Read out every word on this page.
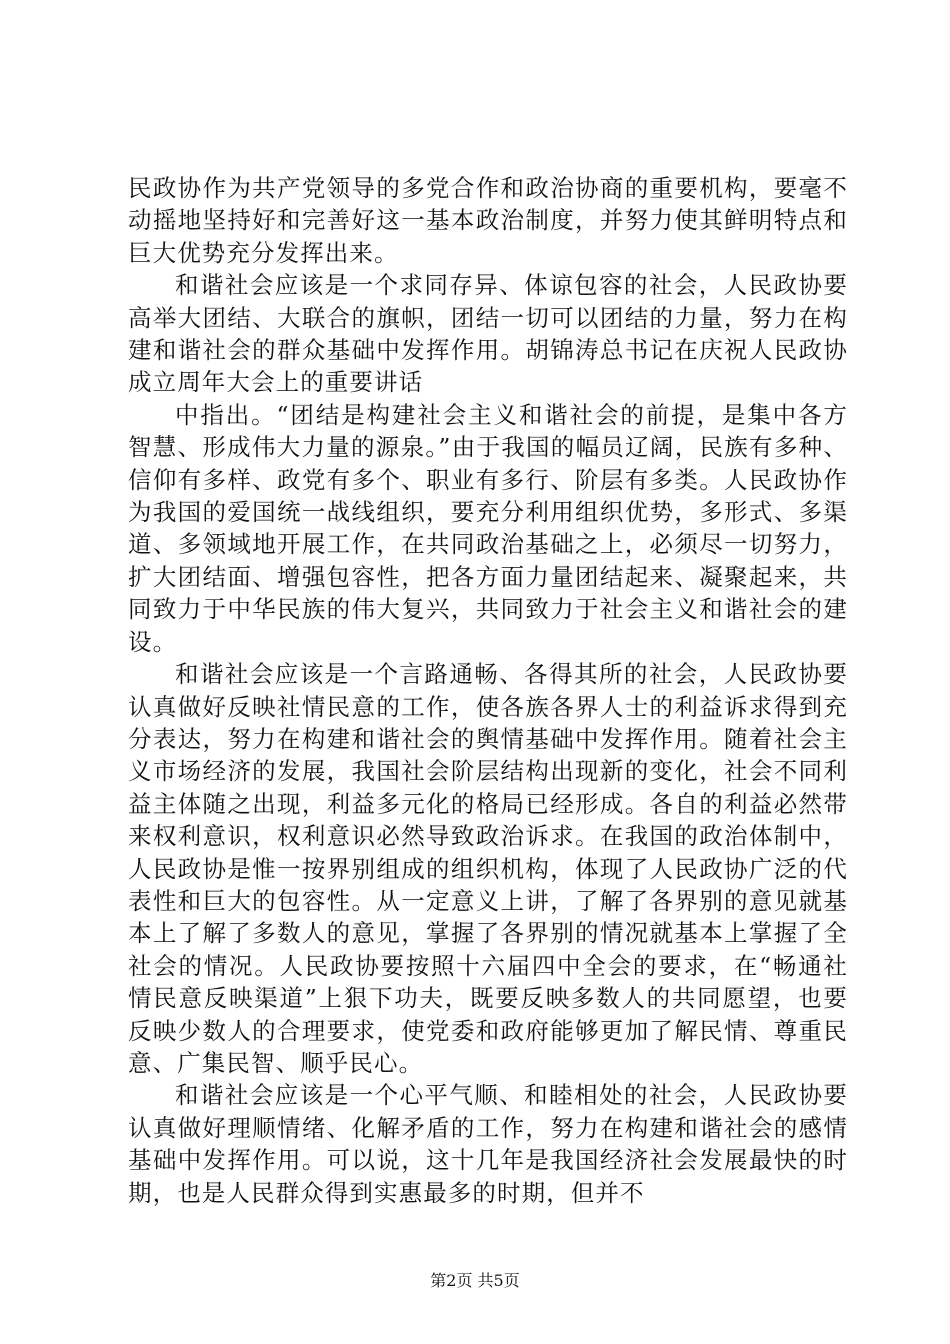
民政协作为共产党领导的多党合作和政治协商的重要机构，要毫不动摇地坚持好和完善好这一基本政治制度，并努力使其鲜明特点和巨大优势充分发挥出来。

和谐社会应该是一个求同存异、体谅包容的社会，人民政协要高举大团结、大联合的旗帜，团结一切可以团结的力量，努力在构建和谐社会的群众基础中发挥作用。胡锦涛总书记在庆祝人民政协成立周年大会上的重要讲话

中指出。“团结是构建社会主义和谐社会的前提，是集中各方智慧、形成伟大力量的源泉。”由于我国的幅员辽阔，民族有多种、信仰有多样、政党有多个、职业有多行、阶层有多类。人民政协作为我国的爱国统一战线组织，要充分利用组织优势，多形式、多渠道、多领域地开展工作，在共同政治基础之上，必须尽一切努力，扩大团结面、增强包容性，把各方面力量团结起来、凝聚起来，共同致力于中华民族的伟大复兴，共同致力于社会主义和谐社会的建设。

和谐社会应该是一个言路通畅、各得其所的社会，人民政协要认真做好反映社情民意的工作，使各族各界人士的利益诉求得到充分表达，努力在构建和谐社会的舆情基础中发挥作用。随着社会主义市场经济的发展，我国社会阶层结构出现新的变化，社会不同利益主体随之出现，利益多元化的格局已经形成。各自的利益必然带来权利意识，权利意识必然导致政治诉求。在我国的政治体制中，人民政协是惟一按界别组成的组织机构，体现了人民政协广泛的代表性和巨大的包容性。从一定意义上讲，了解了各界别的意见就基本上了解了多数人的意见，掌握了各界别的情况就基本上掌握了全社会的情况。人民政协要按照十六届四中全会的要求，在“畅通社情民意反映渠道”上狠下功夫，既要反映多数人的共同愿望，也要反映少数人的合理要求，使党委和政府能够更加了解民情、尊重民意、广集民智、顺乎民心。

和谐社会应该是一个心平气顺、和睦相处的社会，人民政协要认真做好理顺情绪、化解矛盾的工作，努力在构建和谐社会的感情基础中发挥作用。可以说，这十几年是我国经济社会发展最快的时期，也是人民群众得到实惠最多的时期，但并不

第2页 共5页
